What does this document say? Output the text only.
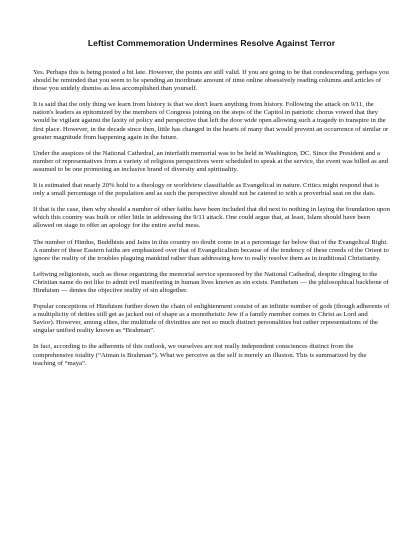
Leftist Commemoration Undermines Resolve Against Terror

Yes. Perhaps this is being posted a bit late. However, the points are still valid. If you are going to be that condescending, perhaps you should be reminded that you seem to be spending an inordinate amount of time online obsessively reading columns and articles of those you snidely dismiss as less accomplished than yourself.

It is said that the only thing we learn from history is that we don't learn anything from history. Following the attack on 9/11, the nation's leaders as epitomized by the members of Congress joining on the steps of the Capitol in patriotic chorus vowed that they would be vigilant against the laxity of policy and perspective that left the door wide open allowing such a tragedy to transpire in the first place. However, in the decade since then, little has changed in the hearts of many that would prevent an occurrence of similar or greater magnitude from happening again in the future.

Under the auspices of the National Cathedral, an interfaith memorial was to be held in Washington, DC. Since the President and a number of representatives from a variety of religious perspectives were scheduled to speak at the service, the event was billed as and assumed to be one promoting an inclusive brand of diversity and spirituality.

It is estimated that nearly 20% hold to a theology or worldview classifiable as Evangelical in nature. Critics might respond that is only a small percentage of the population and as such the perspective should not be catered to with a proverbial seat on the dais.

If that is the case, then why should a number of other faiths have been included that did next to nothing in laying the foundation upon which this country was built or offer little in addressing the 9/11 attack. One could argue that, at least, Islam should have been allowed on stage to offer an apology for the entire awful mess.

The number of Hindus, Buddhists and Jains in this country no doubt come in at a percentage far below that of the Evangelical Right. A number of these Eastern faiths are emphasized over that of Evangelicalism because of the tendency of these creeds of the Orient to ignore the reality of the troubles plaguing mankind rather than addressing how to really resolve them as in traditional Christianity.

Leftwing religionists, such as those organizing the memorial service sponsored by the National Cathedral, despite clinging to the Christian name do not like to admit evil manifesting in human lives known as sin exists. Pantheism — the philosophical backbone of Hinduism — denies the objective reality of sin altogether.

Popular conceptions of Hinduism further down the chain of enlightenment consist of an infinite number of gods (though adherents of a multiplicity of deities still get as jacked out of shape as a monotheistic Jew if a family member comes to Christ as Lord and Savior). However, among elites, the multitude of divinities are not so much distinct personalities but rather representations of the singular unified reality known as “Brahman”.

In fact, according to the adherents of this outlook, we ourselves are not really independent consciences distinct from the comprehensive totality (“Atman is Brahman”). What we perceive as the self is merely an illusion. This is summarized by the teaching of “maya”.
